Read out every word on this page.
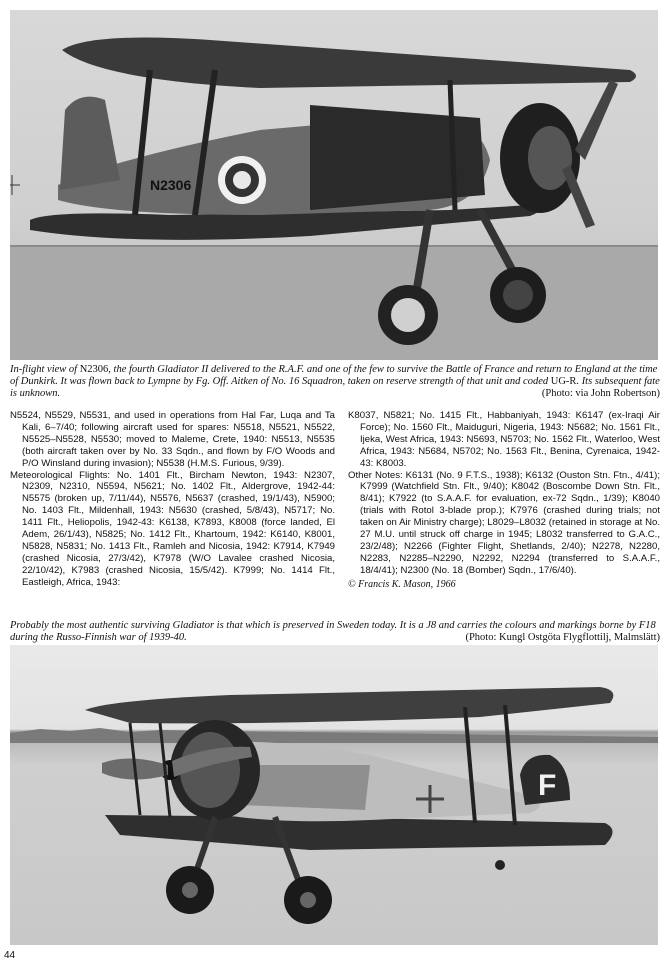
N2306
In-flight view of N2306, the fourth Gladiator II delivered to the R.A.F. and one of the few to survive the Battle of France and return to England at the time of Dunkirk. It was flown back to Lympne by Fg. Off. Aitken of No. 16 Squadron, taken on reserve strength of that unit and coded UG-R. Its subsequent fate is unknown.	(Photo: via John Robertson)

N5524, N5529, N5531, and used in operations from Hal Far, Luqa and Ta Kali, 6–7/40; following aircraft used for spares: N5518, N5521, N5522, N5525–N5528, N5530; moved to Maleme, Crete, 1940: N5513, N5535 (both aircraft taken over by No. 33 Sqdn., and flown by F/O Woods and P/O Winsland during invasion); N5538 (H.M.S. Furious, 9/39).

Meteorological Flights: No. 1401 Flt., Bircham Newton, 1943: N2307, N2309, N2310, N5594, N5621; No. 1402 Flt., Aldergrove, 1942-44: N5575 (broken up, 7/11/44), N5576, N5637 (crashed, 19/1/43), N5900; No. 1403 Flt., Mildenhall, 1943: N5630 (crashed, 5/8/43), N5717; No. 1411 Flt., Heliopolis, 1942-43: K6138, K7893, K8008 (force landed, El Adem, 26/1/43), N5825; No. 1412 Flt., Khartoum, 1942: K6140, K8001, N5828, N5831; No. 1413 Flt., Ramleh and Nicosia, 1942: K7914, K7949 (crashed Nicosia, 27/3/42), K7978 (W/O Lavalee crashed Nicosia, 22/10/42), K7983 (crashed Nicosia, 15/5/42). K7999; No. 1414 Flt., Eastleigh, Africa, 1943:

K8037, N5821; No. 1415 Flt., Habbaniyah, 1943: K6147 (ex-Iraqi Air Force); No. 1560 Flt., Maiduguri, Nigeria, 1943: N5682; No. 1561 Flt., Ijeka, West Africa, 1943: N5693, N5703; No. 1562 Flt., Waterloo, West Africa, 1943: N5684, N5702; No. 1563 Flt., Benina, Cyrenaica, 1942-43: K8003.

Other Notes: K6131 (No. 9 F.T.S., 1938); K6132 (Ouston Stn. Ftn., 4/41); K7999 (Watchfield Stn. Flt., 9/40); K8042 (Boscombe Down Stn. Flt., 8/41); K7922 (to S.A.A.F. for evaluation, ex-72 Sqdn., 1/39); K8040 (trials with Rotol 3-blade prop.); K7976 (crashed during trials; not taken on Air Ministry charge); L8029–L8032 (retained in storage at No. 27 M.U. until struck off charge in 1945; L8032 transferred to G.A.C., 23/2/48); N2266 (Fighter Flight, Shetlands, 2/40); N2278, N2280, N2283, N2285–N2290, N2292, N2294 (transferred to S.A.A.F., 18/4/41); N2300 (No. 18 (Bomber) Sqdn., 17/6/40).

© Francis K. Mason, 1966

Probably the most authentic surviving Gladiator is that which is preserved in Sweden today. It is a J8 and carries the colours and markings borne by F18 during the Russo-Finnish war of 1939-40.	(Photo: Kungl Ostgöta Flygflottilj, Malmslätt)
F
44
